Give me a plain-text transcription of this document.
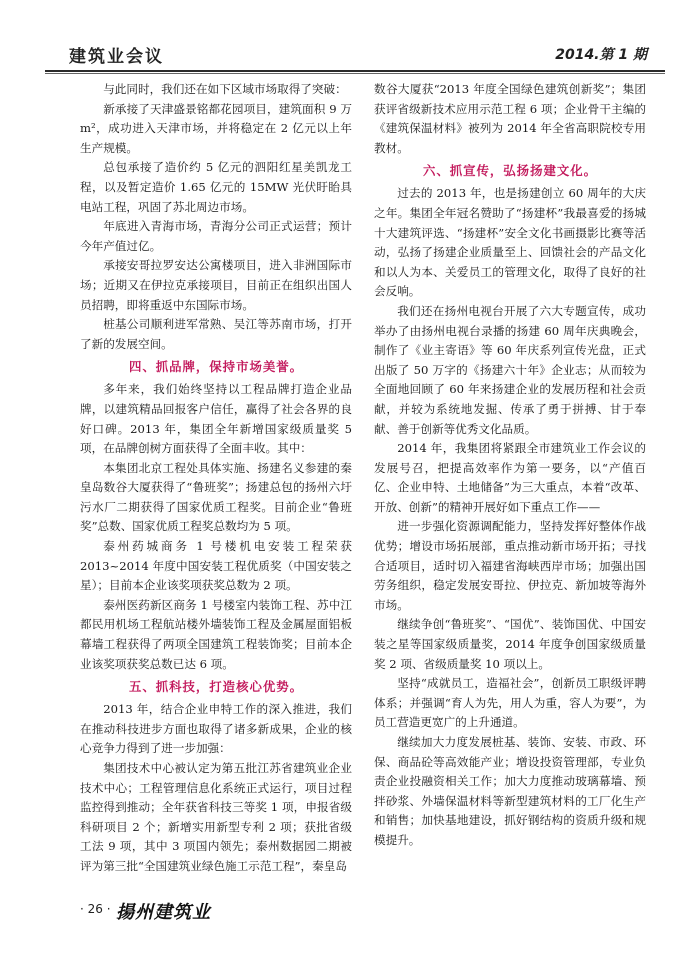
建筑业会议	2014.第 1 期

与此同时，我们还在如下区域市场取得了突破：

新承接了天津盛景铭都花园项目，建筑面积 9 万 m²，成功进入天津市场，并将稳定在 2 亿元以上年生产规模。

总包承接了造价约 5 亿元的泗阳红星美凯龙工程，以及暂定造价 1.65 亿元的 15MW 光伏盱眙具电站工程，巩固了苏北周边市场。

年底进入青海市场，青海分公司正式运营；预计今年产值过亿。

承接安哥拉罗安达公寓楼项目，进入非洲国际市场；近期又在伊拉克承接项目，目前正在组织出国人员招聘，即将重返中东国际市场。

桩基公司顺利进军常熟、吴江等苏南市场，打开了新的发展空间。

四、抓品牌，保持市场美誉。

多年来，我们始终坚持以工程品牌打造企业品牌，以建筑精品回报客户信任，赢得了社会各界的良好口碑。2013 年，集团全年新增国家级质量奖 5 项，在品牌创树方面获得了全面丰收。其中：

本集团北京工程处具体实施、扬建名义参建的秦皇岛数谷大厦获得了“鲁班奖”；扬建总包的扬州六圩污水厂二期获得了国家优质工程奖。目前企业“鲁班奖”总数、国家优质工程奖总数均为 5 项。

泰州药城商务 1 号楼机电安装工程荣获 2013~2014 年度中国安装工程优质奖（中国安装之星）；目前本企业该奖项获奖总数为 2 项。

泰州医药新区商务 1 号楼室内装饰工程、苏中江都民用机场工程航站楼外墙装饰工程及金属屋面铝板幕墙工程获得了两项全国建筑工程装饰奖；目前本企业该奖项获奖总数已达 6 项。

五、抓科技，打造核心优势。

2013 年，结合企业申特工作的深入推进，我们在推动科技进步方面也取得了诸多新成果，企业的核心竞争力得到了进一步加强：

集团技术中心被认定为第五批江苏省建筑业企业技术中心；工程管理信息化系统正式运行，项目过程监控得到推动；全年获省科技三等奖 1 项，申报省级科研项目 2 个；新增实用新型专利 2 项；获批省级工法 9 项，其中 3 项国内领先；泰州数据园二期被评为第三批“全国建筑业绿色施工示范工程”，秦皇岛

数谷大厦获“2013 年度全国绿色建筑创新奖”；集团获评省级新技术应用示范工程 6 项；企业骨干主编的《建筑保温材料》被列为 2014 年全省高职院校专用教材。

六、抓宣传，弘扬扬建文化。

过去的 2013 年，也是扬建创立 60 周年的大庆之年。集团全年冠名赞助了“扬建杯”我最喜爱的扬城十大建筑评选、“扬建杯”安全文化书画摄影比赛等活动，弘扬了扬建企业质量至上、回馈社会的产品文化和以人为本、关爱员工的管理文化，取得了良好的社会反响。

我们还在扬州电视台开展了六大专题宣传，成功举办了由扬州电视台录播的扬建 60 周年庆典晚会，制作了《业主寄语》等 60 年庆系列宣传光盘，正式出版了 50 万字的《扬建六十年》企业志；从而较为全面地回顾了 60 年来扬建企业的发展历程和社会贡献，并较为系统地发掘、传承了勇于拼搏、甘于奉献、善于创新等优秀文化品质。

2014 年，我集团将紧跟全市建筑业工作会议的发展号召，把提高效率作为第一要务，以“产值百亿、企业申特、土地储备”为三大重点，本着“改革、开放、创新”的精神开展好如下重点工作——

进一步强化资源调配能力，坚持发挥好整体作战优势；增设市场拓展部，重点推动新市场开拓；寻找合适项目，适时切入福建省海峡西岸市场；加强出国劳务组织，稳定发展安哥拉、伊拉克、新加坡等海外市场。

继续争创“鲁班奖”、“国优”、装饰国优、中国安装之星等国家级质量奖，2014 年度争创国家级质量奖 2 项、省级质量奖 10 项以上。

坚持“成就员工，造福社会”，创新员工职级评聘体系；并强调“育人为先，用人为重，容人为要”，为员工营造更宽广的上升通道。

继续加大力度发展桩基、装饰、安装、市政、环保、商品砼等高效能产业；增设投资管理部，专业负责企业投融资相关工作；加大力度推动玻璃幕墙、预拌砂浆、外墙保温材料等新型建筑材料的工厂化生产和销售；加快基地建设，抓好钢结构的资质升级和规模提升。

· 26 · 揚州建筑业
